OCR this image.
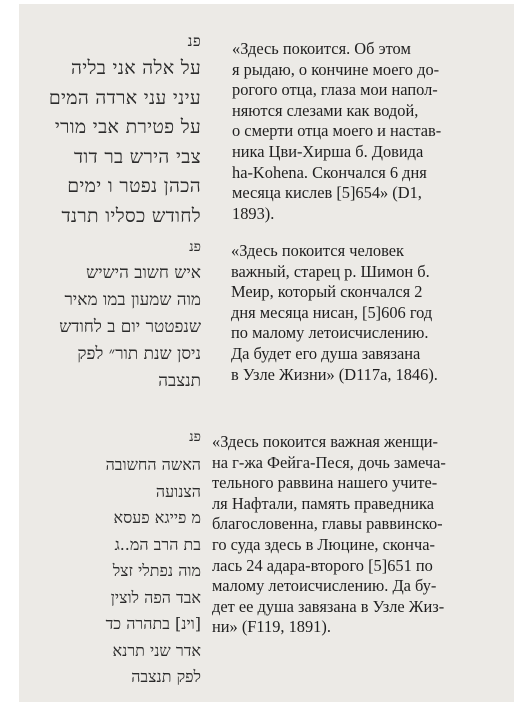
פנ
על אלה אני בליה
עיני עני ארדה המים
על פטירת אבי מורי
צבי הירש בר דוד
הכהן נפטר ו ימים
לחודש כסליו תרנד
«Здесь покоится. Об этом
я рыдаю, о кончине моего до-
рогого отца, глаза мои напол-
няются слезами как водой,
о смерти отца моего и настав-
ника Цви-Хирша б. Довида
ha-Kohena. Скончался 6 дня
месяца кислев [5]654» (D1,
1893).
פנ
איש חשוב הישיש
מוה שמעון במו מאיר
שנפטטר יום ב לחודש
ניסן שנת תור״ לפק
תנצבה
«Здесь покоится человек
важный, старец р. Шимон б.
Меир, который скончался 2
дня месяца нисан, [5]606 год
по малому летоисчислению.
Да будет его душа завязана
в Узле Жизни» (D117a, 1846).
פנ
האשה החשובה
הצנועה
מ פייגא פעסא
בת הרב המ..ג
מוה נפתלי זצל
אבד הפה לוצין
[וינ] בתהרה כד
אדר שני תרנא
לפק תנצבה
«Здесь покоится важная женщи-
на г-жа Фейга-Песя, дочь замеча-
тельного раввина нашего учите-
ля Нафтали, память праведника
благословенна, главы раввинско-
го суда здесь в Люцине, сконча-
лась 24 адара-второго [5]651 по
малому летоисчислению. Да бу-
дет ее душа завязана в Узле Жиз-
ни» (F119, 1891).
